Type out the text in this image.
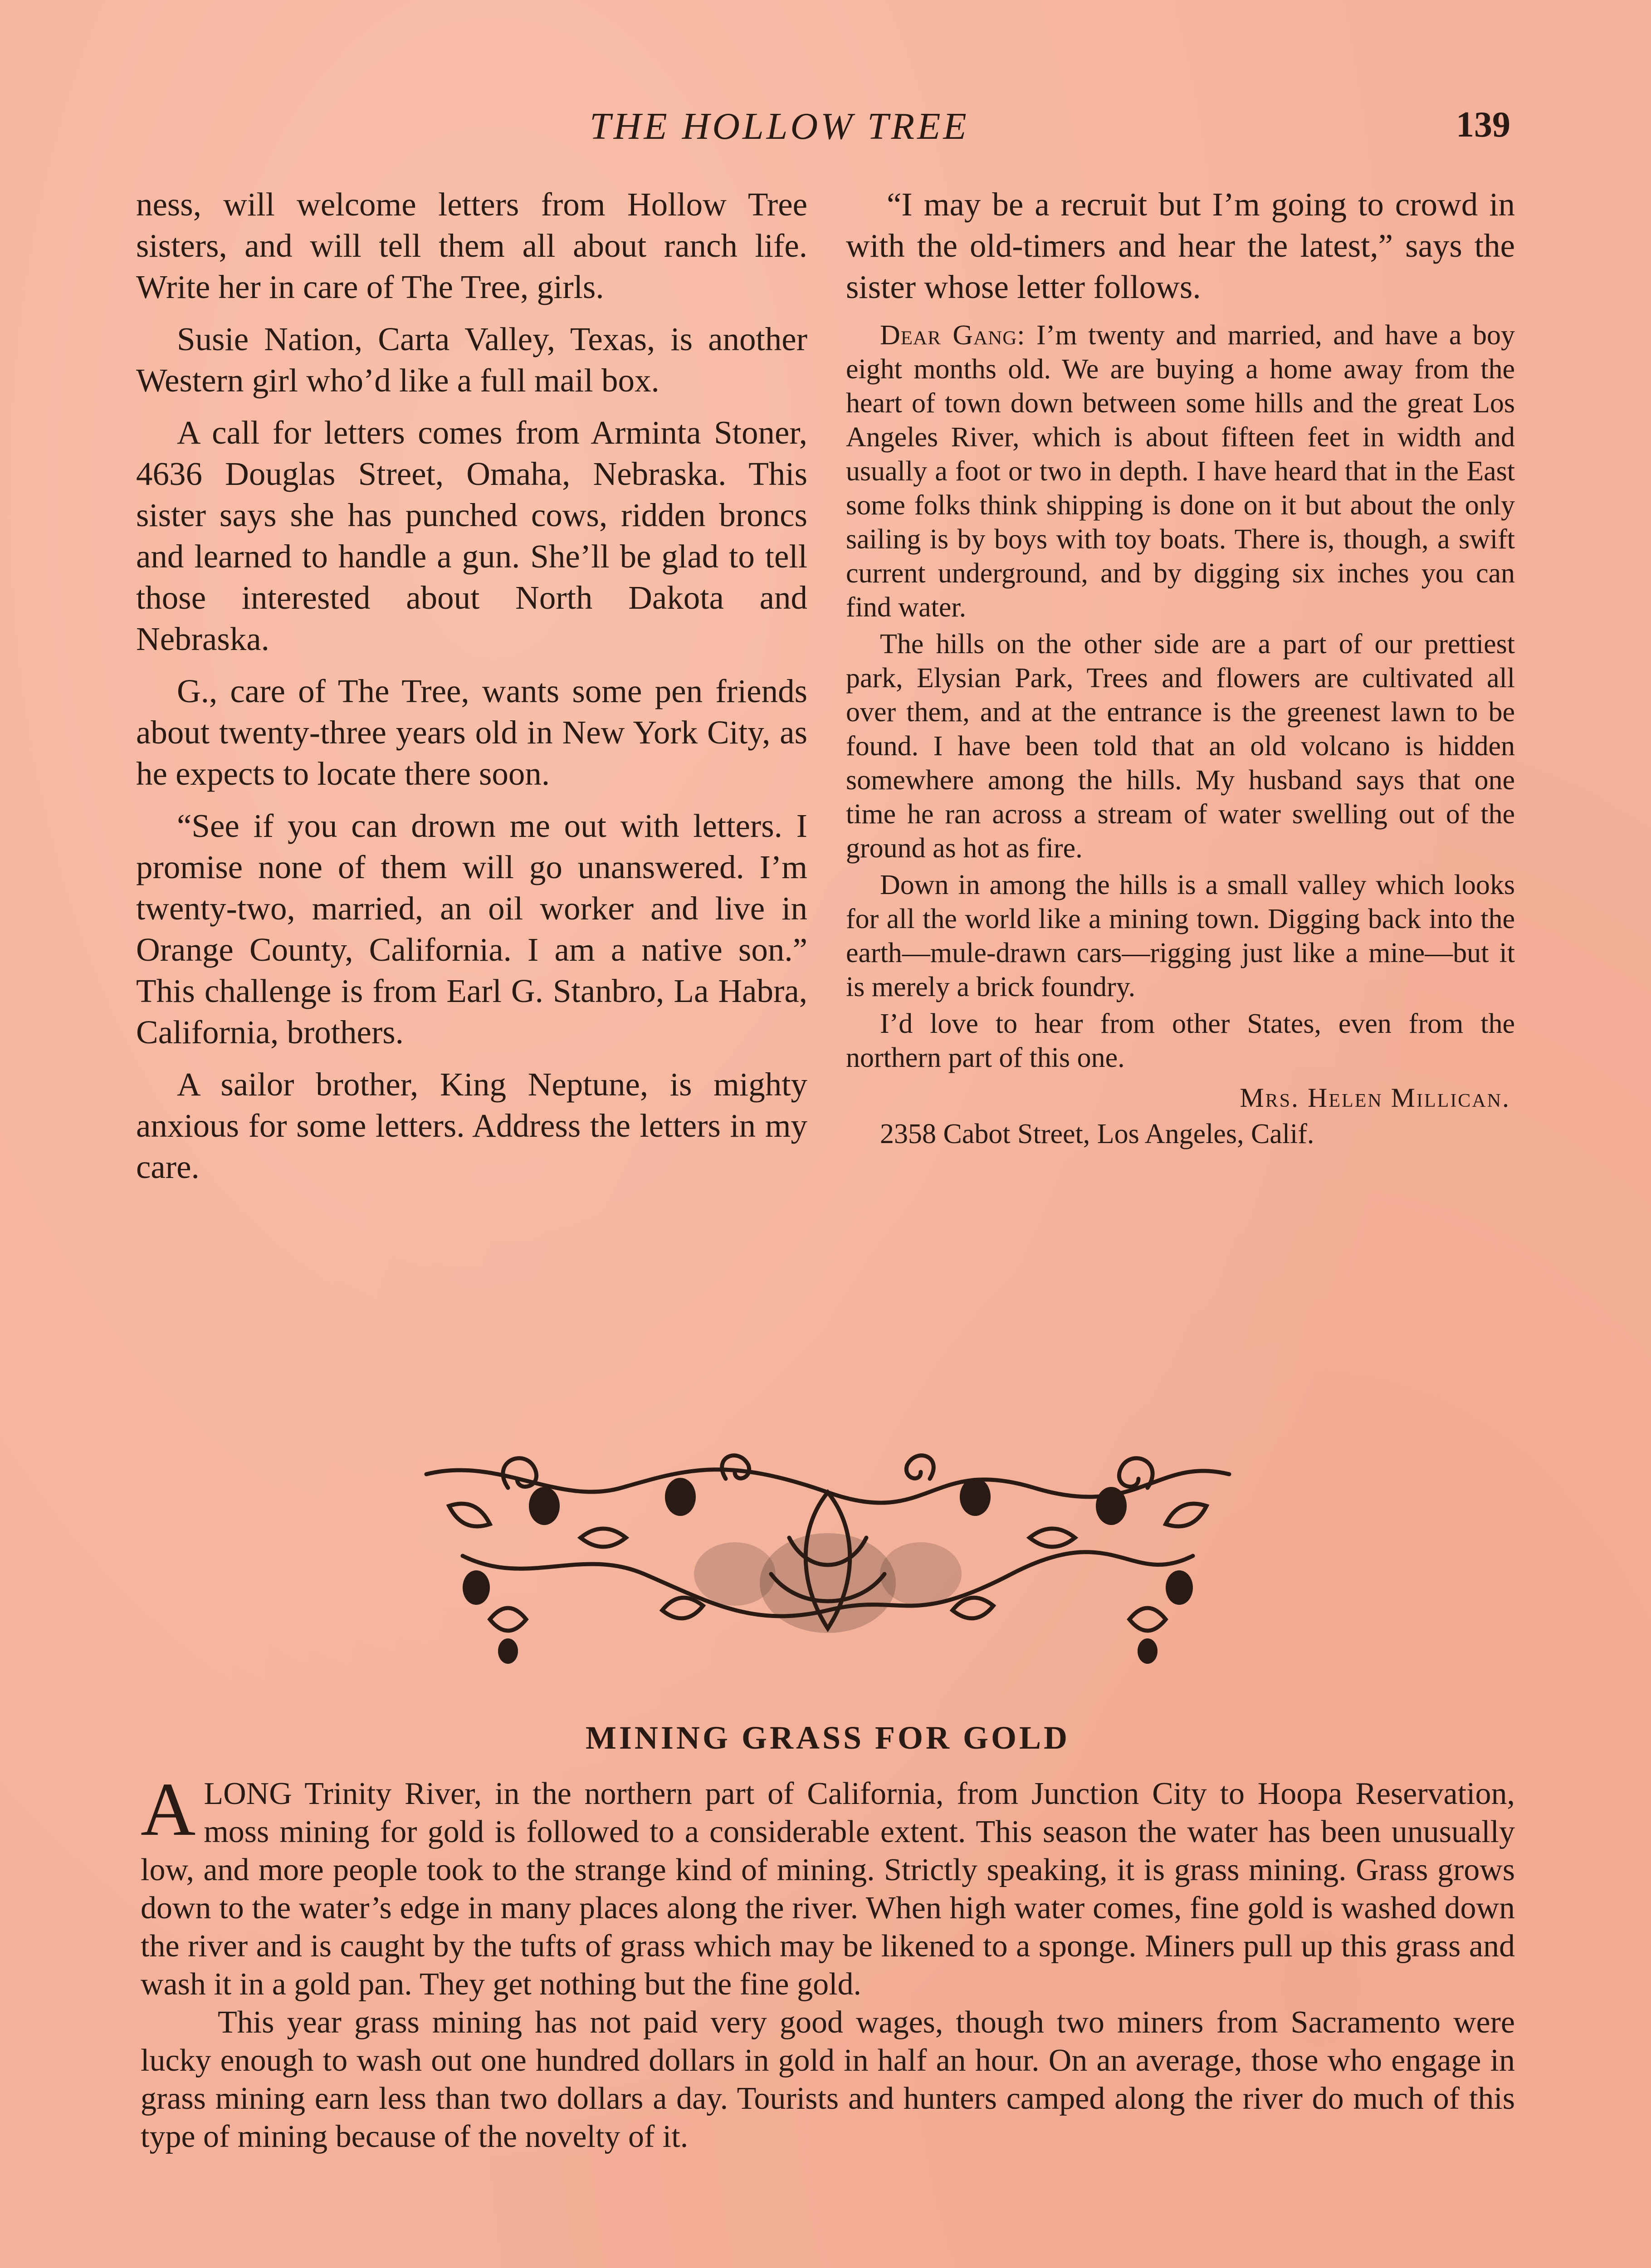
THE HOLLOW TREE	139

ness, will welcome letters from Hollow Tree sisters, and will tell them all about ranch life. Write her in care of The Tree, girls.

Susie Nation, Carta Valley, Texas, is another Western girl who’d like a full mail box.

A call for letters comes from Arminta Stoner, 4636 Douglas Street, Omaha, Nebraska. This sister says she has punched cows, ridden broncs and learned to handle a gun. She’ll be glad to tell those interested about North Dakota and Nebraska.

G., care of The Tree, wants some pen friends about twenty-three years old in New York City, as he expects to locate there soon.

“See if you can drown me out with letters. I promise none of them will go unanswered. I’m twenty-two, married, an oil worker and live in Orange County, California. I am a native son.” This challenge is from Earl G. Stanbro, La Habra, California, brothers.

A sailor brother, King Neptune, is mighty anxious for some letters. Address the letters in my care.

“I may be a recruit but I’m going to crowd in with the old-timers and hear the latest,” says the sister whose letter follows.

Dear Gang: I’m twenty and married, and have a boy eight months old. We are buying a home away from the heart of town down between some hills and the great Los Angeles River, which is about fifteen feet in width and usually a foot or two in depth. I have heard that in the East some folks think shipping is done on it but about the only sailing is by boys with toy boats. There is, though, a swift current underground, and by digging six inches you can find water.

The hills on the other side are a part of our prettiest park, Elysian Park, Trees and flowers are cultivated all over them, and at the entrance is the greenest lawn to be found. I have been told that an old volcano is hidden somewhere among the hills. My husband says that one time he ran across a stream of water swelling out of the ground as hot as fire.

Down in among the hills is a small valley which looks for all the world like a mining town. Digging back into the earth—mule-drawn cars—rigging just like a mine—but it is merely a brick foundry.

I’d love to hear from other States, even from the northern part of this one.

Mrs. Helen Millican.

2358 Cabot Street, Los Angeles, Calif.

MINING GRASS FOR GOLD

ALONG Trinity River, in the northern part of California, from Junction City to Hoopa Reservation, moss mining for gold is followed to a considerable extent. This season the water has been unusually low, and more people took to the strange kind of mining. Strictly speaking, it is grass mining. Grass grows down to the water’s edge in many places along the river. When high water comes, fine gold is washed down the river and is caught by the tufts of grass which may be likened to a sponge. Miners pull up this grass and wash it in a gold pan. They get nothing but the fine gold.

This year grass mining has not paid very good wages, though two miners from Sacramento were lucky enough to wash out one hundred dollars in gold in half an hour. On an average, those who engage in grass mining earn less than two dollars a day. Tourists and hunters camped along the river do much of this type of mining because of the novelty of it.
